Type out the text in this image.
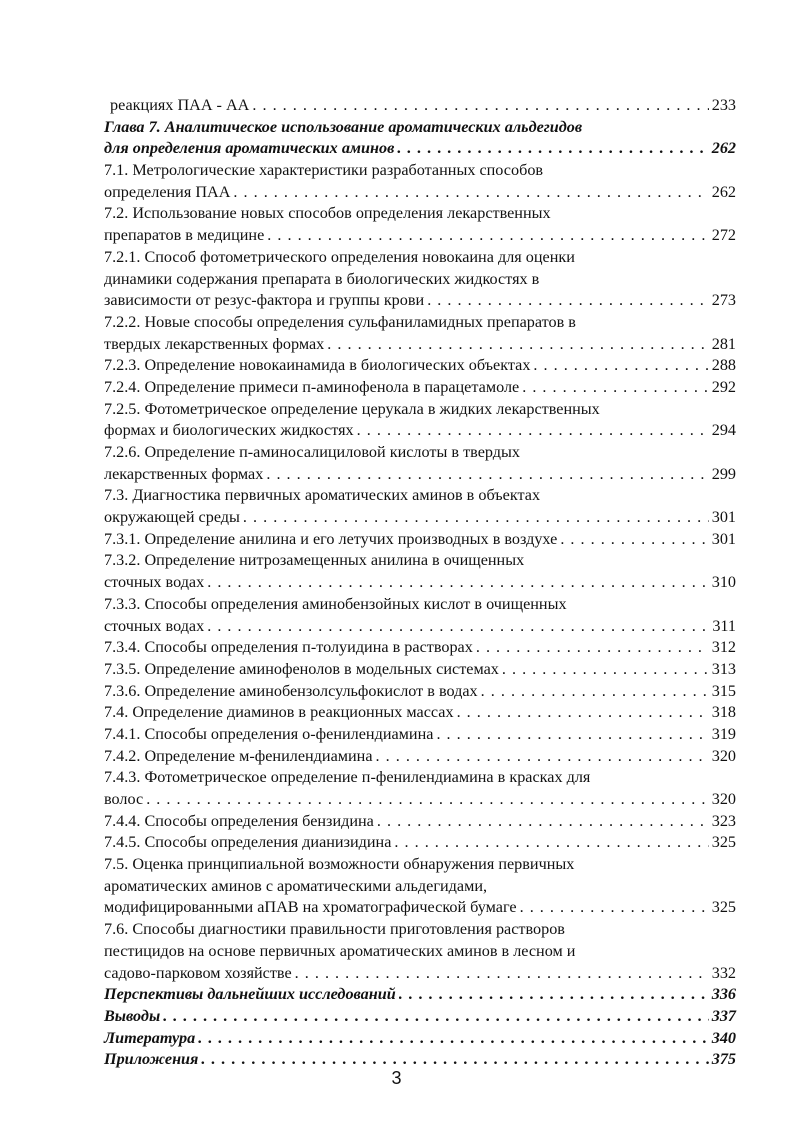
реакциях ПАА - АА . . .	233
Глава 7. Аналитическое использование ароматических альдегидов
для определения ароматических аминов . . .	262
7.1. Метрологические характеристики разработанных способов
определения ПАА . . .	262
7.2. Использование новых способов определения лекарственных
препаратов в медицине . . .	272
7.2.1. Способ фотометрического определения новокаина для оценки
динамики содержания препарата в биологических жидкостях в
зависимости от резус-фактора и группы крови . . .	273
7.2.2. Новые способы определения сульфаниламидных препаратов в
твердых лекарственных формах . . .	281
7.2.3. Определение новокаинамида в биологических объектах . . .	288
7.2.4. Определение примеси п-аминофенола в парацетамоле . . .	292
7.2.5. Фотометрическое определение церукала в жидких лекарственных
формах и биологических жидкостях . . .	294
7.2.6. Определение п-аминосалициловой кислоты в твердых
лекарственных формах . . .	299
7.3. Диагностика первичных ароматических аминов в объектах
окружающей среды . . .	301
7.3.1. Определение анилина и его летучих производных в воздухе . . .	301
7.3.2. Определение нитрозамещенных анилина в очищенных
сточных водах . . .	310
7.3.3. Способы определения аминобензойных кислот в очищенных
сточных водах . . .	311
7.3.4. Способы определения п-толуидина в растворах . . .	312
7.3.5. Определение аминофенолов в модельных системах . . .	313
7.3.6. Определение аминобензолсульфокислот в водах . . .	315
7.4. Определение диаминов в реакционных массах . . .	318
7.4.1. Способы определения о-фенилендиамина . . .	319
7.4.2. Определение м-фенилендиамина . . .	320
7.4.3. Фотометрическое определение п-фенилендиамина в красках для
волос . . .	320
7.4.4. Способы определения бензидина . . .	323
7.4.5. Способы определения дианизидина . . .	325
7.5. Оценка принципиальной возможности обнаружения первичных
ароматических аминов с ароматическими альдегидами,
модифицированными аПАВ на хроматографической бумаге . . .	325
7.6. Способы диагностики правильности приготовления растворов
пестицидов на основе первичных ароматических аминов в лесном и
садово-парковом хозяйстве . . .	332
Перспективы дальнейших исследований . . .	336
Выводы . . .	337
Литература . . .	340
Приложения . . .	375
3
